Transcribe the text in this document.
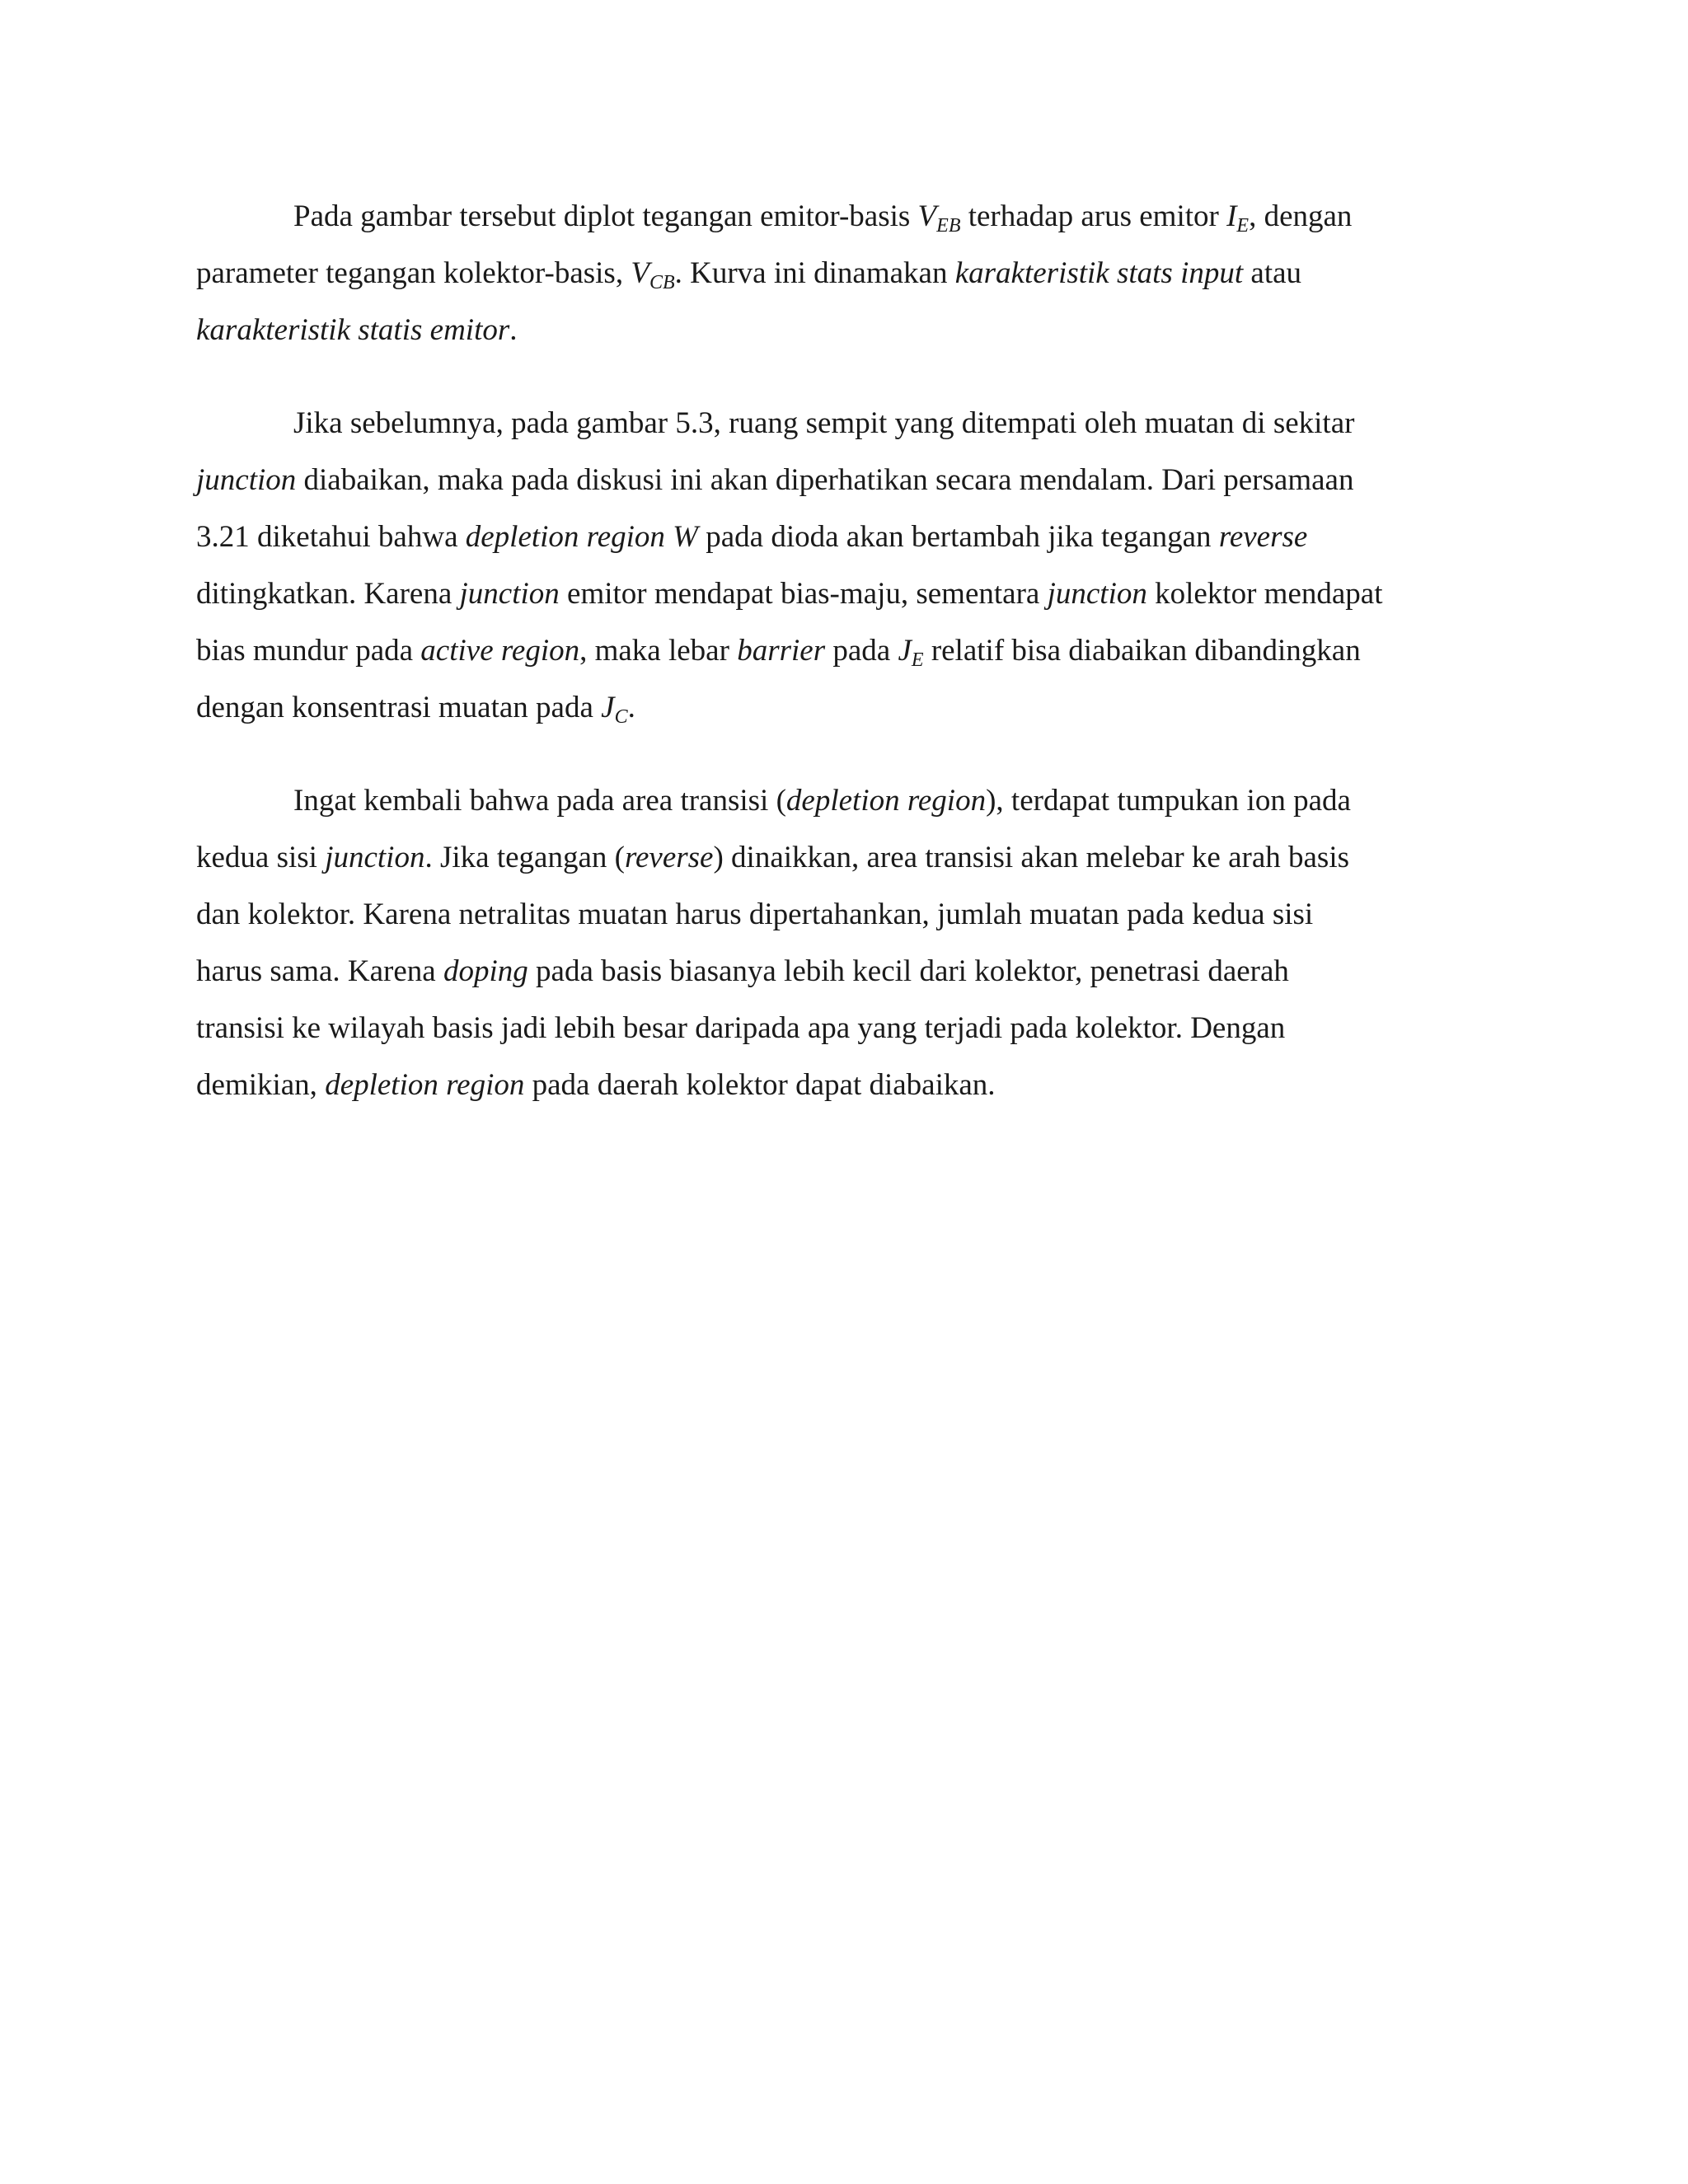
Pada gambar tersebut diplot tegangan emitor-basis $V_{EB}$ terhadap arus emitor $I_E$, dengan
parameter tegangan kolektor-basis, $V_{CB}$. Kurva ini dinamakan karakteristik stats input atau
karakteristik statis emitor.

Jika sebelumnya, pada gambar 5.3, ruang sempit yang ditempati oleh muatan di sekitar
junction diabaikan, maka pada diskusi ini akan diperhatikan secara mendalam. Dari persamaan
3.21 diketahui bahwa depletion region W pada dioda akan bertambah jika tegangan reverse
ditingkatkan. Karena junction emitor mendapat bias-maju, sementara junction kolektor mendapat
bias mundur pada active region, maka lebar barrier pada $J_E$ relatif bisa diabaikan dibandingkan
dengan konsentrasi muatan pada $J_C$.

Ingat kembali bahwa pada area transisi (depletion region), terdapat tumpukan ion pada
kedua sisi junction. Jika tegangan (reverse) dinaikkan, area transisi akan melebar ke arah basis
dan kolektor. Karena netralitas muatan harus dipertahankan, jumlah muatan pada kedua sisi
harus sama. Karena doping pada basis biasanya lebih kecil dari kolektor, penetrasi daerah
transisi ke wilayah basis jadi lebih besar daripada apa yang terjadi pada kolektor. Dengan
demikian, depletion region pada daerah kolektor dapat diabaikan.
